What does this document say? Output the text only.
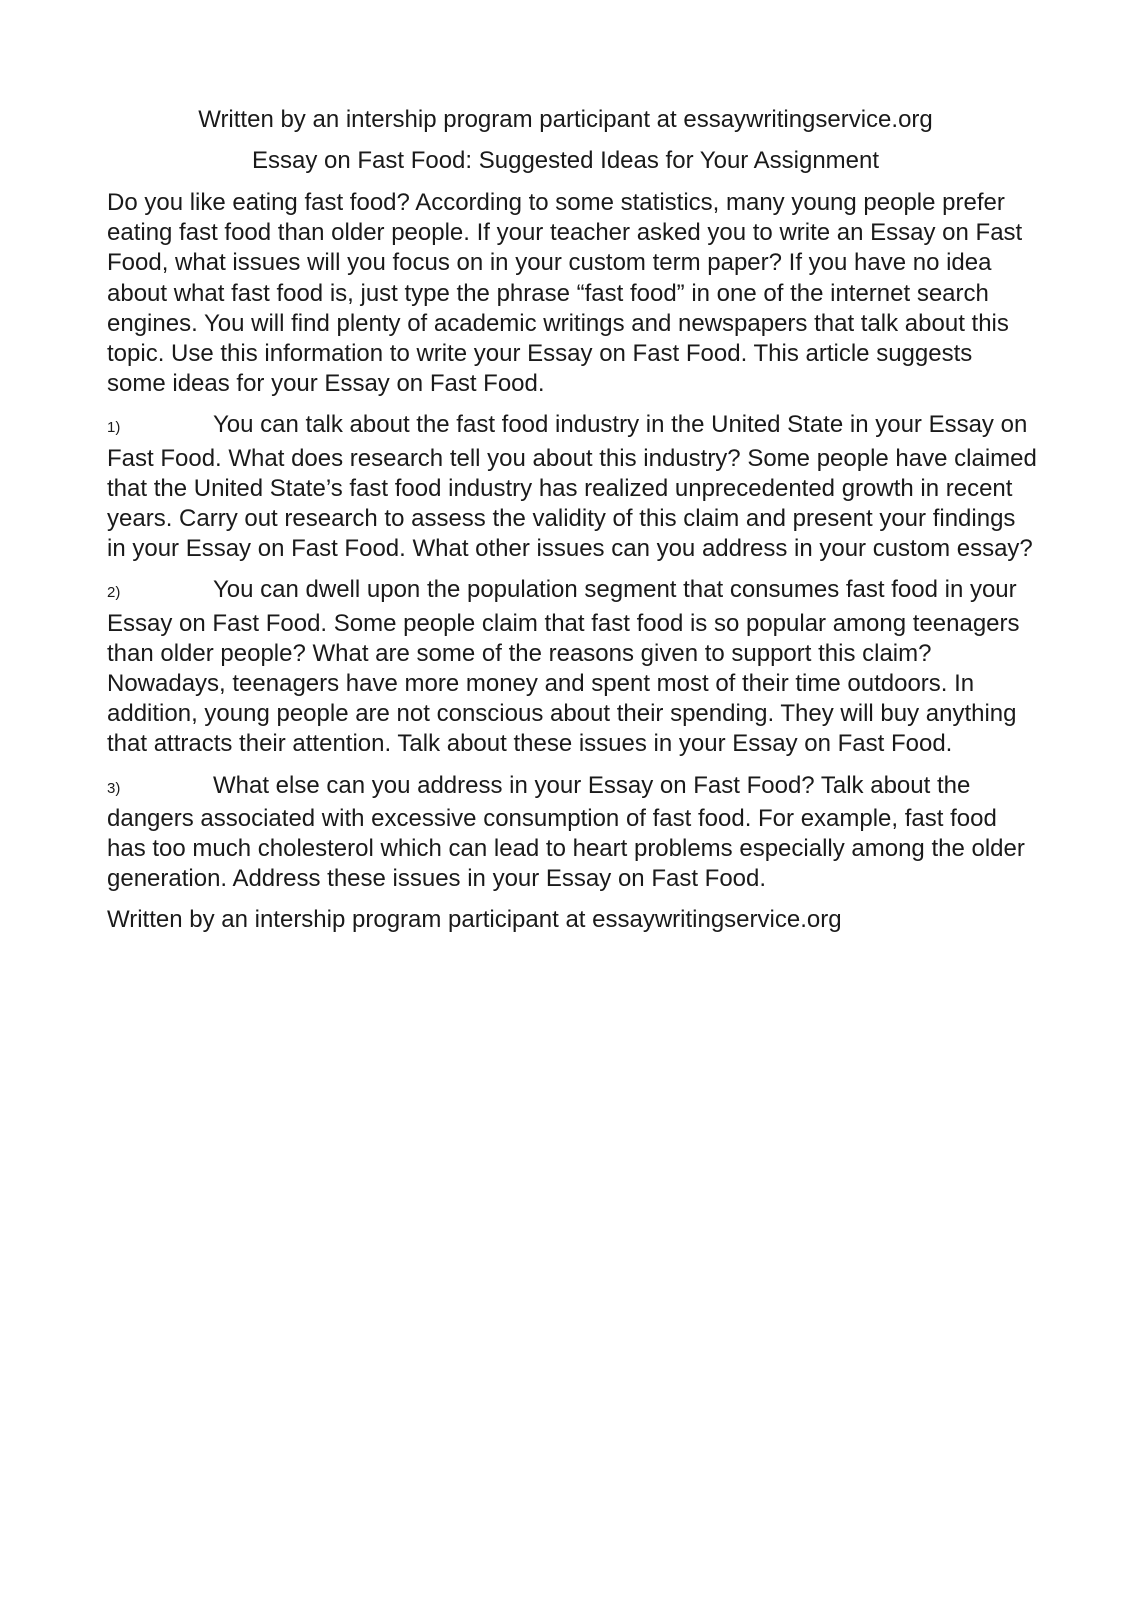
Written by an intership program participant at essaywritingservice.org

Essay on Fast Food: Suggested Ideas for Your Assignment

Do you like eating fast food? According to some statistics, many young people prefer eating fast food than older people. If your teacher asked you to write an Essay on Fast Food, what issues will you focus on in your custom term paper? If you have no idea about what fast food is, just type the phrase “fast food” in one of the internet search engines. You will find plenty of academic writings and newspapers that talk about this topic. Use this information to write your Essay on Fast Food. This article suggests some ideas for your Essay on Fast Food.

1)	You can talk about the fast food industry in the United State in your Essay on Fast Food. What does research tell you about this industry? Some people have claimed that the United State’s fast food industry has realized unprecedented growth in recent years. Carry out research to assess the validity of this claim and present your findings in your Essay on Fast Food. What other issues can you address in your custom essay?

2)	You can dwell upon the population segment that consumes fast food in your Essay on Fast Food. Some people claim that fast food is so popular among teenagers than older people? What are some of the reasons given to support this claim? Nowadays, teenagers have more money and spent most of their time outdoors. In addition, young people are not conscious about their spending. They will buy anything that attracts their attention. Talk about these issues in your Essay on Fast Food.

3)	What else can you address in your Essay on Fast Food? Talk about the dangers associated with excessive consumption of fast food. For example, fast food has too much cholesterol which can lead to heart problems especially among the older generation. Address these issues in your Essay on Fast Food.

Written by an intership program participant at essaywritingservice.org
